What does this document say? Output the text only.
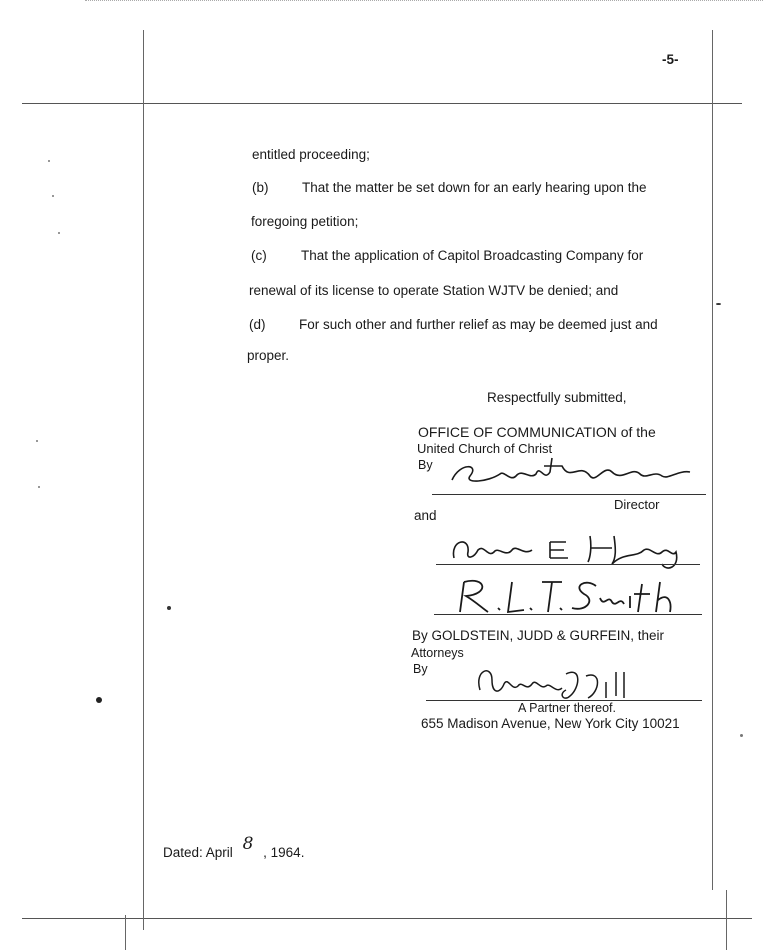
-5-
entitled proceeding;
(b) That the matter be set down for an early hearing upon the
foregoing petition;
(c)	That the application of Capitol Broadcasting Company for
renewal of its license to operate Station WJTV be denied; and
(d) For such other and further relief as may be deemed just and
proper.
Respectfully submitted,
OFFICE OF COMMUNICATION of the
United Church of Christ
By
Director
and
By GOLDSTEIN, JUDD & GURFEIN, their
Attorneys
By
A Partner thereof.
655 Madison Avenue, New York City 10021
Dated: April 8 , 1964.
